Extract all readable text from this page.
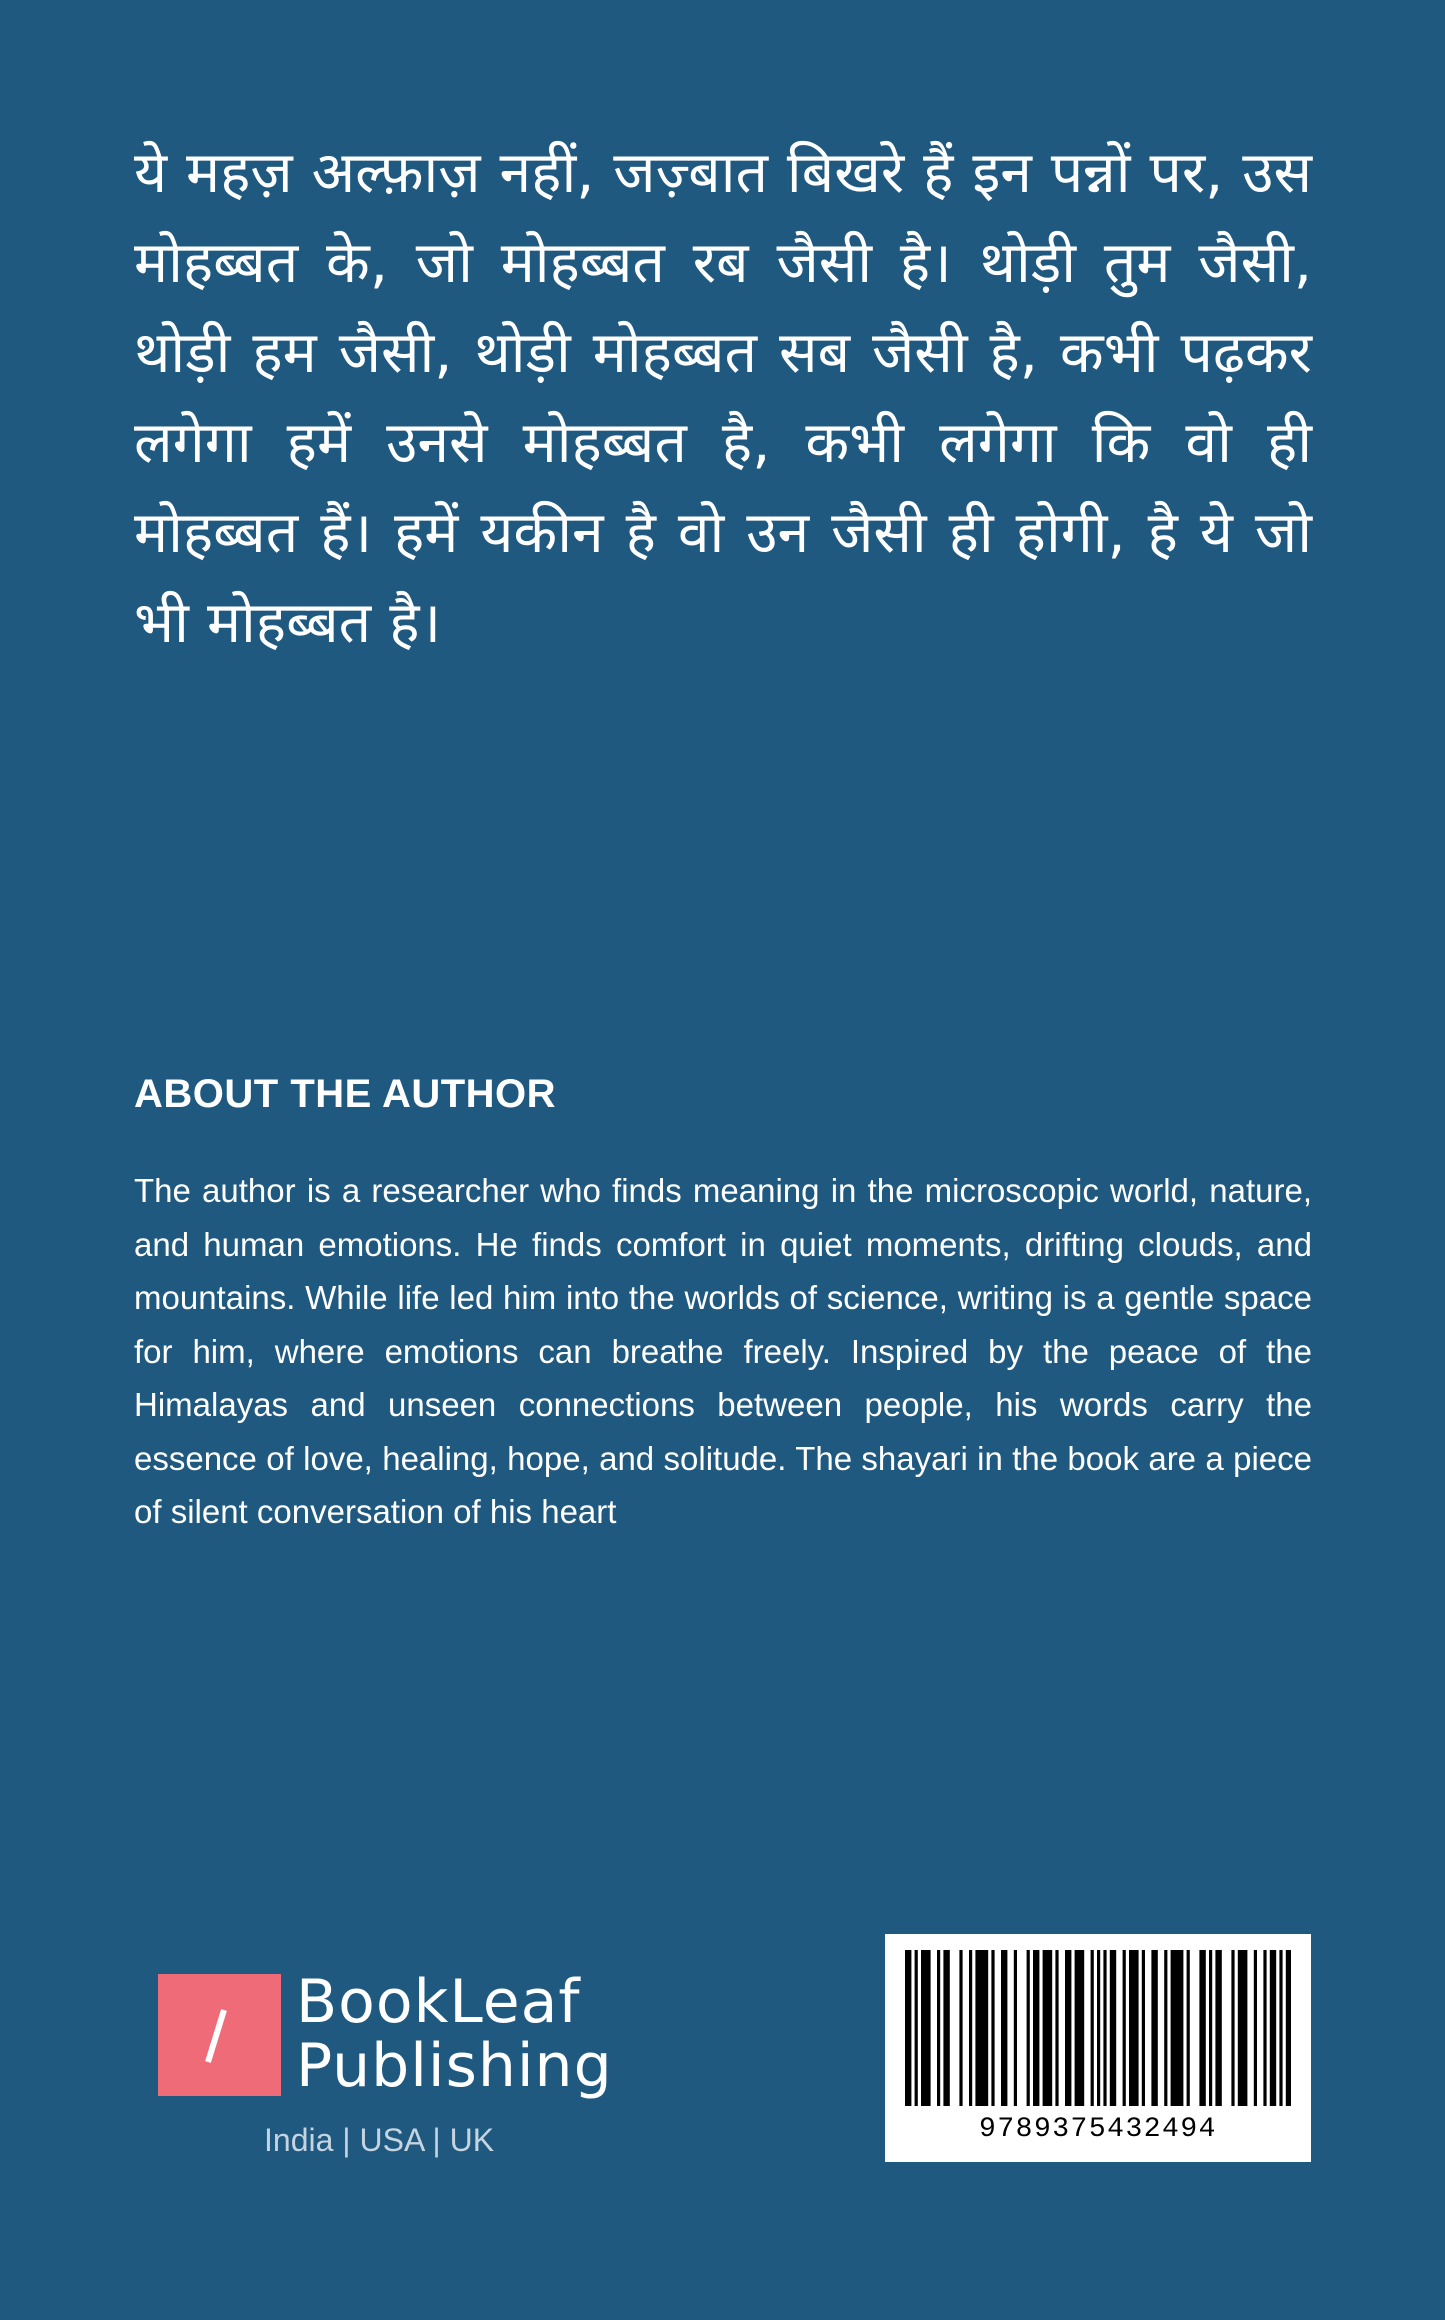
ये महज़ अल्फ़ाज़ नहीं, जज़्बात बिखरे हैं इन पन्नों पर, उस मोहब्बत के, जो मोहब्बत रब जैसी है। थोड़ी तुम जैसी, थोड़ी हम जैसी, थोड़ी मोहब्बत सब जैसी है, कभी पढ़कर लगेगा हमें उनसे मोहब्बत है, कभी लगेगा कि वो ही मोहब्बत हैं। हमें यकीन है वो उन जैसी ही होगी, है ये जो भी मोहब्बत है।

ABOUT THE AUTHOR

The author is a researcher who finds meaning in the microscopic world, nature, and human emotions. He finds comfort in quiet moments, drifting clouds, and mountains. While life led him into the worlds of science, writing is a gentle space for him, where emotions can breathe freely. Inspired by the peace of the Himalayas and unseen connections between people, his words carry the essence of love, healing, hope, and solitude. The shayari in the book are a piece of silent conversation of his heart

BookLeaf
Publishing
India | USA | UK	9789375432494
